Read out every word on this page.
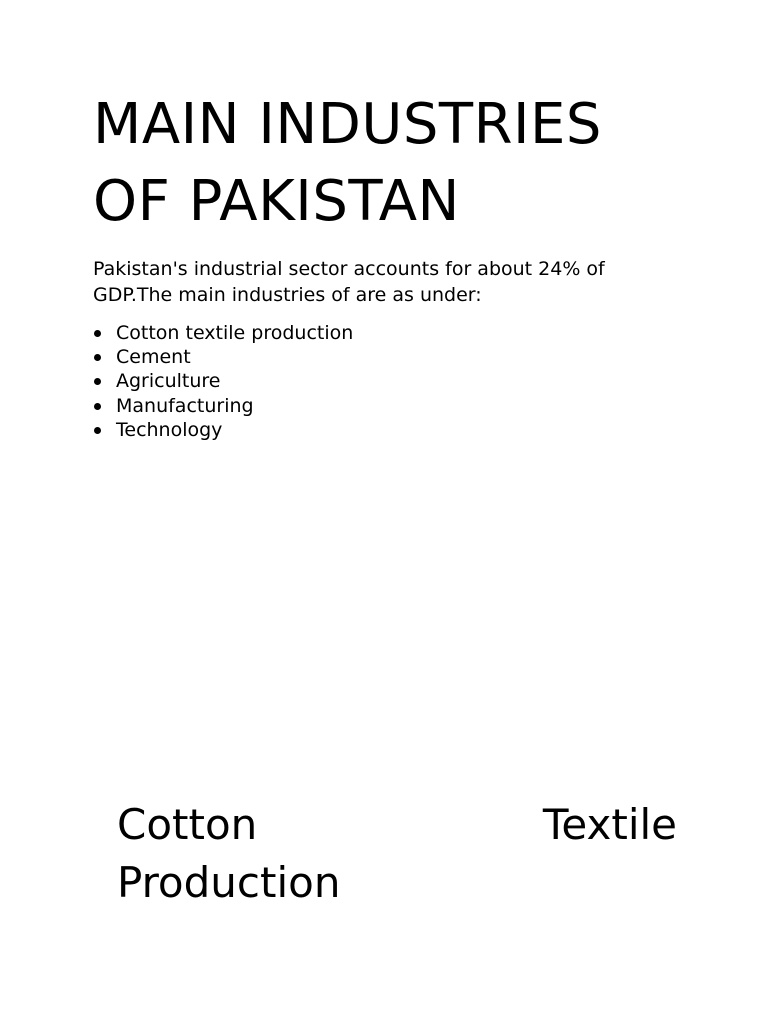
MAIN INDUSTRIES
OF PAKISTAN

Pakistan's industrial sector accounts for about 24% of
GDP.The main industries of are as under:

Cotton textile production
Cement
Agriculture
Manufacturing
Technology
Cotton	Textile
Production
